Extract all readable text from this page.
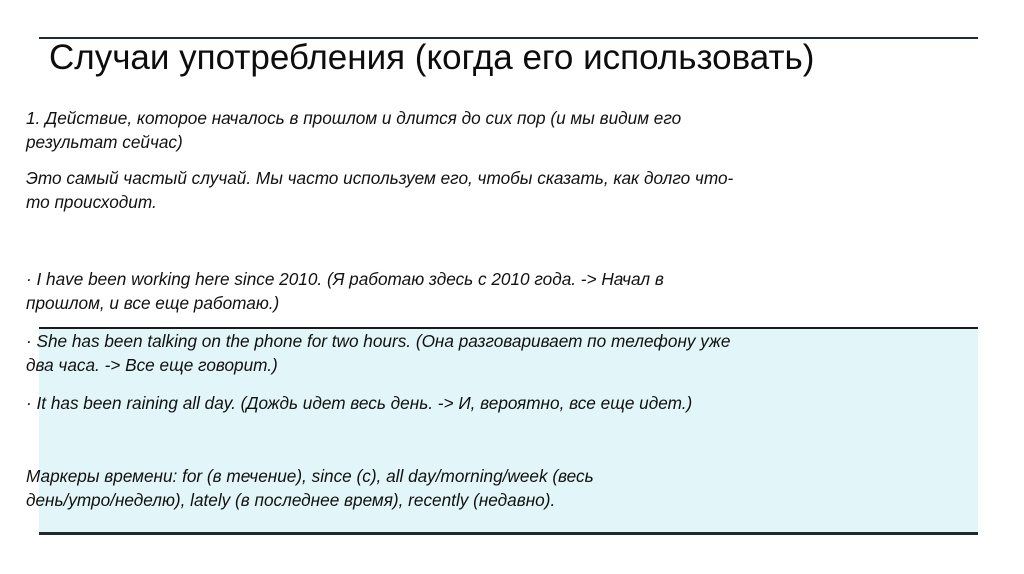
Случаи употребления (когда его использовать)
1. Действие, которое началось в прошлом и длится до сих пор (и мы видим его
результат сейчас)
Это самый частый случай. Мы часто используем его, чтобы сказать, как долго что-
то происходит.
· I have been working here since 2010. (Я работаю здесь с 2010 года. -> Начал в
прошлом, и все еще работаю.)
· She has been talking on the phone for two hours. (Она разговаривает по телефону уже
два часа. -> Все еще говорит.)
· It has been raining all day. (Дождь идет весь день. -> И, вероятно, все еще идет.)
Маркеры времени: for (в течение), since (с), all day/morning/week (весь
день/утро/неделю), lately (в последнее время), recently (недавно).
